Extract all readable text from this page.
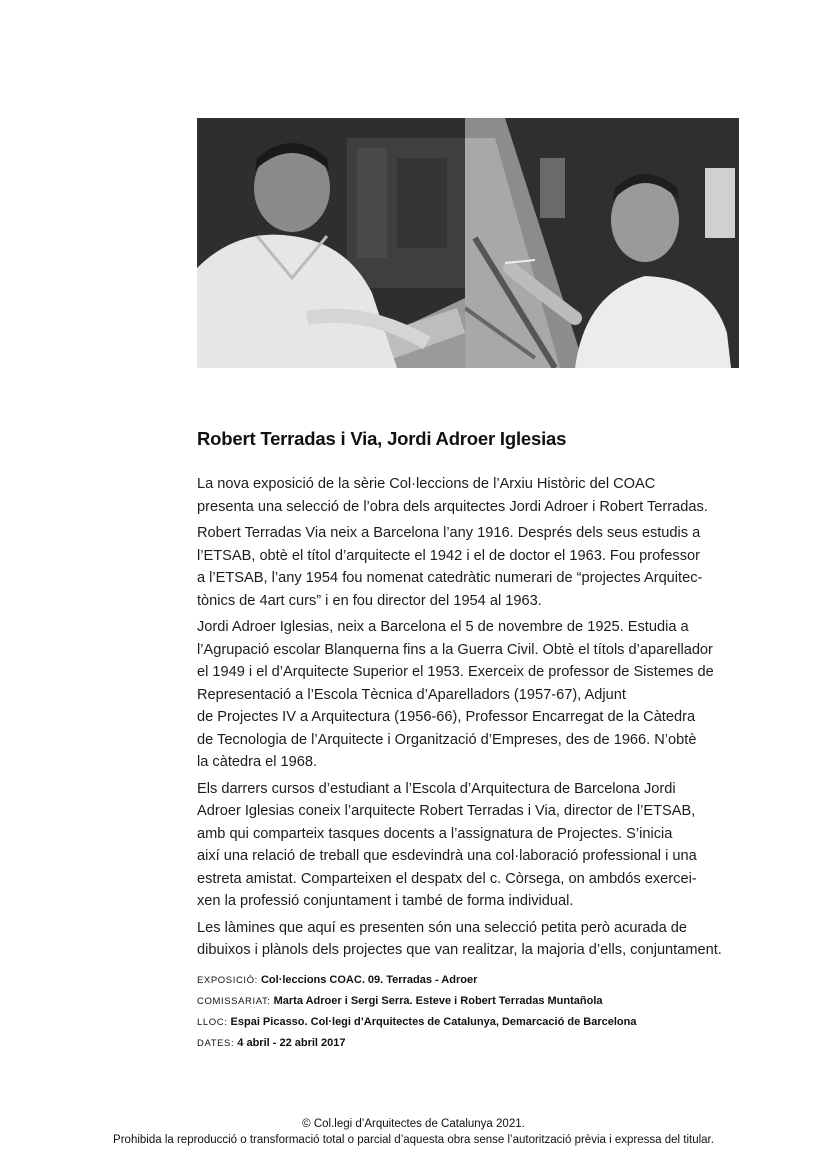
Robert Terradas i Via, Jordi Adroer Iglesias

La nova exposició de la sèrie Col·leccions de l’Arxiu Històric del COAC
presenta una selecció de l’obra dels arquitectes Jordi Adroer i Robert Terradas.

Robert Terradas Via neix a Barcelona l’any 1916. Després dels seus estudis a
l’ETSAB, obtè el títol d’arquitecte el 1942 i el de doctor el 1963. Fou professor
a l’ETSAB, l’any 1954 fou nomenat catedràtic numerari de “projectes Arquitec-
tònics de 4art curs” i en fou director del 1954 al 1963.

Jordi Adroer Iglesias, neix a Barcelona el 5 de novembre de 1925. Estudia a
l’Agrupació escolar Blanquerna fins a la Guerra Civil. Obtè el títols d’aparellador
el 1949 i el d’Arquitecte Superior el 1953. Exerceix de professor de Sistemes de
Representació a l’Escola Tècnica d’Aparelladors (1957-67), Adjunt
de Projectes IV a Arquitectura (1956-66), Professor Encarregat de la Càtedra
de Tecnologia de l’Arquitecte i Organització d’Empreses, des de 1966. N’obtè
la càtedra el 1968.

Els darrers cursos d’estudiant a l’Escola d’Arquitectura de Barcelona Jordi
Adroer Iglesias coneix l’arquitecte Robert Terradas i Via, director de l’ETSAB,
amb qui comparteix tasques docents a l’assignatura de Projectes. S’inicia
així una relació de treball que esdevindrà una col·laboració professional i una
estreta amistat. Comparteixen el despatx del c. Còrsega, on ambdós exercei-
xen la professió conjuntament i també de forma individual.

Les làmines que aquí es presenten són una selecció petita però acurada de
dibuixos i plànols dels projectes que van realitzar, la majoria d’ells, conjuntament.

EXPOSICIÓ: Col·leccions COAC. 09. Terradas - Adroer
COMISSARIAT: Marta Adroer i Sergi Serra. Esteve i Robert Terradas Muntañola
LLOC: Espai Picasso. Col·legi d’Arquitectes de Catalunya, Demarcació de Barcelona
DATES: 4 abril - 22 abril 2017
© Col.legi d’Arquitectes de Catalunya 2021.
Prohibida la reproducció o transformació total o parcial d’aquesta obra sense l’autorització prèvia i expressa del titular.
